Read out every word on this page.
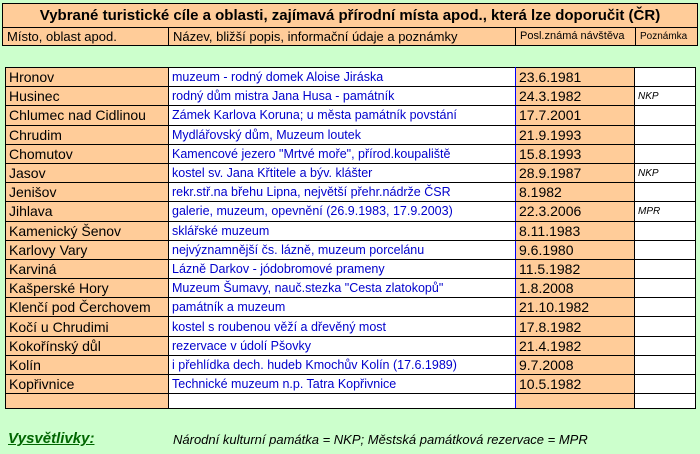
Vybrané turistické cíle a oblasti, zajímavá přírodní místa apod., která lze doporučit (ČR)
Místo, oblast apod.	Název, bližší popis, informační údaje a poznámky	Posl.známá návštěva	Poznámka
Hronov	muzeum - rodný domek Aloise Jiráska	23.6.1981	
Husinec	rodný dům mistra Jana Husa - památník	24.3.1982	NKP
Chlumec nad Cidlinou	Zámek Karlova Koruna; u města památník povstání	17.7.2001	
Chrudim	Mydlářovský dům, Muzeum loutek	21.9.1993	
Chomutov	Kamencové jezero "Mrtvé moře", přírod.koupaliště	15.8.1993	
Jasov	kostel sv. Jana Křtitele a býv. klášter	28.9.1987	NKP
Jenišov	rekr.stř.na břehu Lipna, největší přehr.nádrže ČSR	8.1982	
Jihlava	galerie, muzeum, opevnění (26.9.1983, 17.9.2003)	22.3.2006	MPR
Kamenický Šenov	sklářské muzeum	8.11.1983	
Karlovy Vary	nejvýznamnější čs. lázně, muzeum porcelánu	9.6.1980	
Karviná	Lázně Darkov - jódobromové prameny	11.5.1982	
Kašperské Hory	Muzeum Šumavy, nauč.stezka "Cesta zlatokopů"	1.8.2008	
Klenčí pod Čerchovem	památník a muzeum	21.10.1982	
Kočí u Chrudimi	kostel s roubenou věží a dřevěný most	17.8.1982	
Kokořínský důl	rezervace v údolí Pšovky	21.4.1982	
Kolín	i přehlídka dech. hudeb Kmochův Kolín (17.6.1989)	9.7.2008	
Kopřivnice	Technické muzeum n.p. Tatra Kopřivnice	10.5.1982	

Vysvětlivky:	Národní kulturní památka = NKP; Městská památková rezervace = MPR
